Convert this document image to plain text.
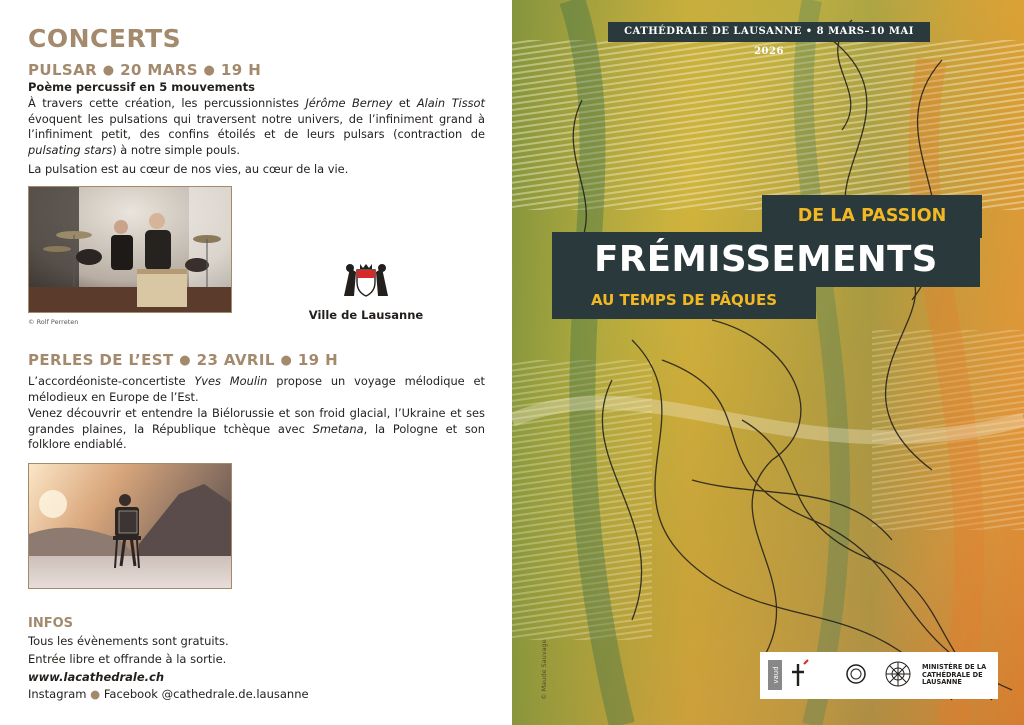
CONCERTS
PULSAR ● 20 MARS ● 19 H
Poème percussif en 5 mouvements
À travers cette création, les percussionnistes Jérôme Berney et Alain Tissot évoquent les pulsations qui traversent notre univers, de l’infiniment grand à l’infiniment petit, des confins étoilés et de leurs pulsars (contraction de pulsating stars) à notre simple pouls.
La pulsation est au cœur de nos vies, au cœur de la vie.
© Rolf Perreten	Ville de Lausanne
PERLES DE L’EST ● 23 AVRIL ● 19 H
L’accordéoniste-concertiste Yves Moulin propose un voyage mélodique et mélodieux en Europe de l’Est.
Venez découvrir et entendre la Biélorussie et son froid glacial, l’Ukraine et ses grandes plaines, la République tchèque avec Smetana, la Pologne et son folklore endiablé.
INFOS
Tous les évènements sont gratuits.
Entrée libre et offrande à la sortie.
www.lacathedrale.ch
Instagram ● Facebook @cathedrale.de.lausanne
CATHÉDRALE DE LAUSANNE • 8 MARS–10 MAI 2026
FRÉMISSEMENTS
DE LA PASSION
AU TEMPS DE PÂQUES
© Maude Sauvage	vaud	MINISTÈRE DE LA CATHÉDRALE DE LAUSANNE
